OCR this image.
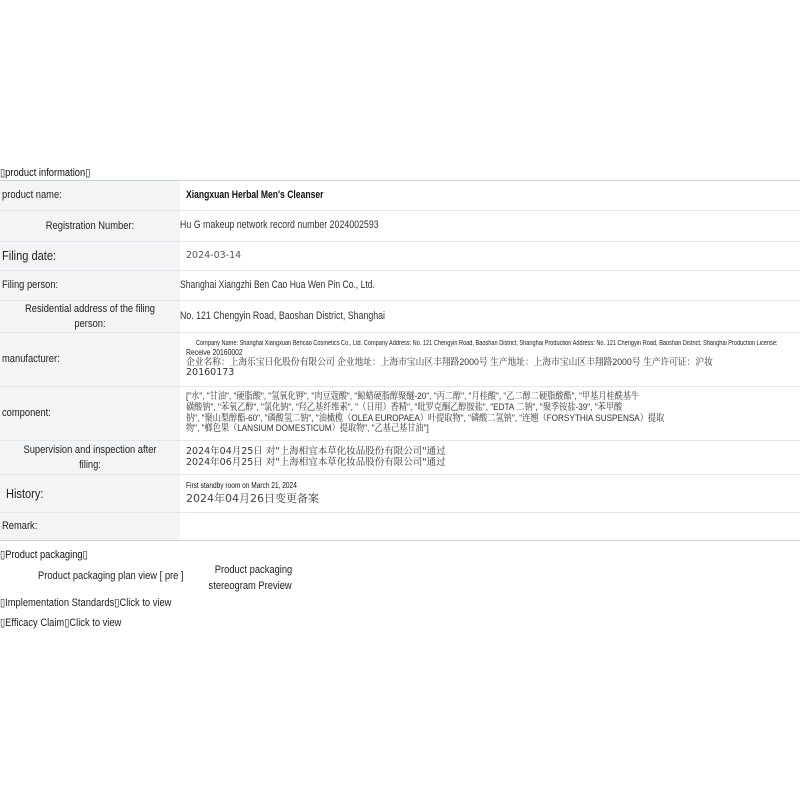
▯product information▯
product name:	Xiangxuan Herbal Men's Cleanser
Registration Number:	Hu G makeup network record number 2024002593
Filing date:	2024-03-14
Filing person:	Shanghai Xiangzhi Ben Cao Hua Wen Pin Co., Ltd.
Residential address of the filing person:
No. 121 Chengyin Road, Baoshan District, Shanghai
manufacturer:
Company Name: Shanghai Xiangxuan Bencao Cosmetics Co., Ltd. Company Address: No. 121 Chengyin Road, Baoshan District, Shanghai Production Address: No. 121 Chengyin Road, Baoshan District, Shanghai Production License:
Receive 20160002
企业名称：上海乐宝日化股份有限公司 企业地址：上海市宝山区丰翔路2000号 生产地址：上海市宝山区丰翔路2000号 生产许可证：沪妆
20160173
component:
["水", "甘油", "硬脂酸", "氢氧化钾", "肉豆蔻酸", "鲸蜡硬脂醇聚醚-20", "丙二醇", "月桂酸", "乙二醇二硬脂酸酯", "甲基月桂酰基牛
磺酸钠", "苯氧乙醇", "氯化钠", "羟乙基纤维素", "（日用）香精", "吡罗克酮乙醇胺盐", "EDTA 二钠", "聚季铵盐-39", "苯甲酸
钠", "聚山梨醇酯-60", "磷酸氢二钠", "油橄榄（OLEA EUROPAEA）叶提取物", "磷酸二氢钠", "连翘（FORSYTHIA SUSPENSA）提取
物", "榔色果（LANSIUM DOMESTICUM）提取物", "乙基己基甘油"]
Supervision and inspection after filing:
2024年04月25日 对"上海相宜本草化妆品股份有限公司"通过
2024年06月25日 对"上海相宜本草化妆品股份有限公司"通过
History:
First standby room on March 21, 2024
2024年04月26日变更备案
Remark:
▯Product packaging▯
Product packaging plan view [ pre ]	Product packaging
stereogram Preview
▯Implementation Standards▯Click to view
▯Efficacy Claim▯Click to view
